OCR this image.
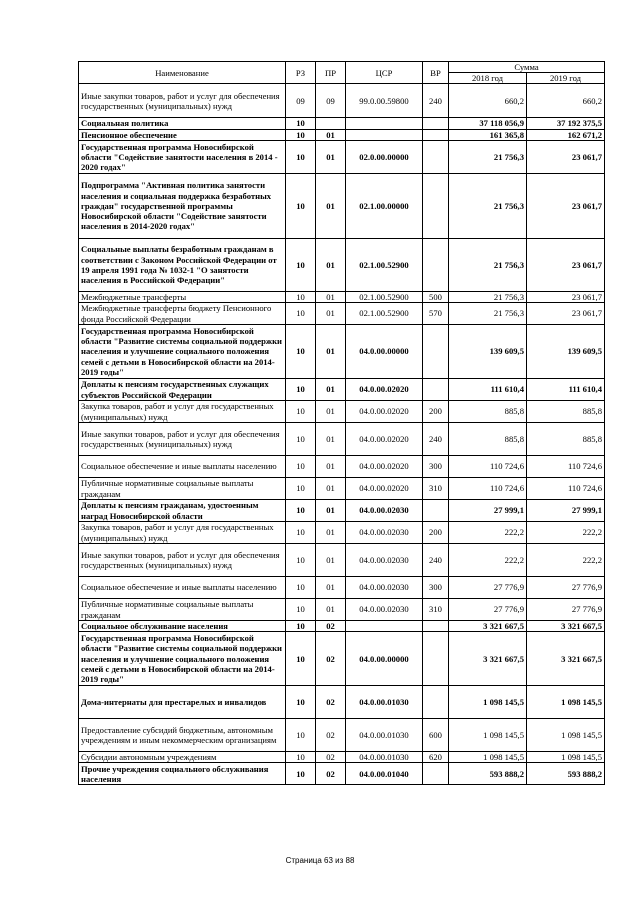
Наименование	РЗ	ПР	ЦСР	ВР	Сумма	
					2018 год	2019 год
Иные закупки товаров, работ и услуг для обеспечения государственных (муниципальных) нужд	09	09	99.0.00.59800	240	660,2	660,2
Социальная политика	10				37 118 056,9	37 192 375,5
Пенсионное обеспечение	10	01			161 365,8	162 671,2
Государственная программа Новосибирской области "Содействие занятости населения в 2014 - 2020 годах"	10	01	02.0.00.00000		21 756,3	23 061,7
Подпрограмма "Активная политика занятости населения и социальная поддержка безработных граждан" государственной программы Новосибирской области "Содействие занятости населения в 2014-2020 годах"	10	01	02.1.00.00000		21 756,3	23 061,7
Социальные выплаты безработным гражданам в соответствии с Законом Российской Федерации от 19 апреля 1991 года № 1032-1 "О занятости населения в Российской Федерации"	10	01	02.1.00.52900		21 756,3	23 061,7
Межбюджетные трансферты	10	01	02.1.00.52900	500	21 756,3	23 061,7
Межбюджетные трансферты бюджету Пенсионного фонда Российской Федерации	10	01	02.1.00.52900	570	21 756,3	23 061,7
Государственная программа Новосибирской области "Развитие системы социальной поддержки населения и улучшение социального положения семей с детьми в Новосибирской области на 2014-2019 годы"	10	01	04.0.00.00000		139 609,5	139 609,5
Доплаты к пенсиям государственных служащих субъектов Российской Федерации	10	01	04.0.00.02020		111 610,4	111 610,4
Закупка товаров, работ и услуг для государственных (муниципальных) нужд	10	01	04.0.00.02020	200	885,8	885,8
Иные закупки товаров, работ и услуг для обеспечения государственных (муниципальных) нужд	10	01	04.0.00.02020	240	885,8	885,8
Социальное обеспечение и иные выплаты населению	10	01	04.0.00.02020	300	110 724,6	110 724,6
Публичные нормативные социальные выплаты гражданам	10	01	04.0.00.02020	310	110 724,6	110 724,6
Доплаты к пенсиям гражданам, удостоенным наград Новосибирской области	10	01	04.0.00.02030		27 999,1	27 999,1
Закупка товаров, работ и услуг для государственных (муниципальных) нужд	10	01	04.0.00.02030	200	222,2	222,2
Иные закупки товаров, работ и услуг для обеспечения государственных (муниципальных) нужд	10	01	04.0.00.02030	240	222,2	222,2
Социальное обеспечение и иные выплаты населению	10	01	04.0.00.02030	300	27 776,9	27 776,9
Публичные нормативные социальные выплаты гражданам	10	01	04.0.00.02030	310	27 776,9	27 776,9
Социальное обслуживание населения	10	02			3 321 667,5	3 321 667,5
Государственная программа Новосибирской области "Развитие системы социальной поддержки населения и улучшение социального положения семей с детьми в Новосибирской области на 2014-2019 годы"	10	02	04.0.00.00000		3 321 667,5	3 321 667,5
Дома-интернаты для престарелых и инвалидов	10	02	04.0.00.01030		1 098 145,5	1 098 145,5
Предоставление субсидий бюджетным, автономным учреждениям и иным некоммерческим организациям	10	02	04.0.00.01030	600	1 098 145,5	1 098 145,5
Субсидии автономным учреждениям	10	02	04.0.00.01030	620	1 098 145,5	1 098 145,5
Прочие учреждения социального обслуживания населения	10	02	04.0.00.01040		593 888,2	593 888,2
Страница 63 из 88
